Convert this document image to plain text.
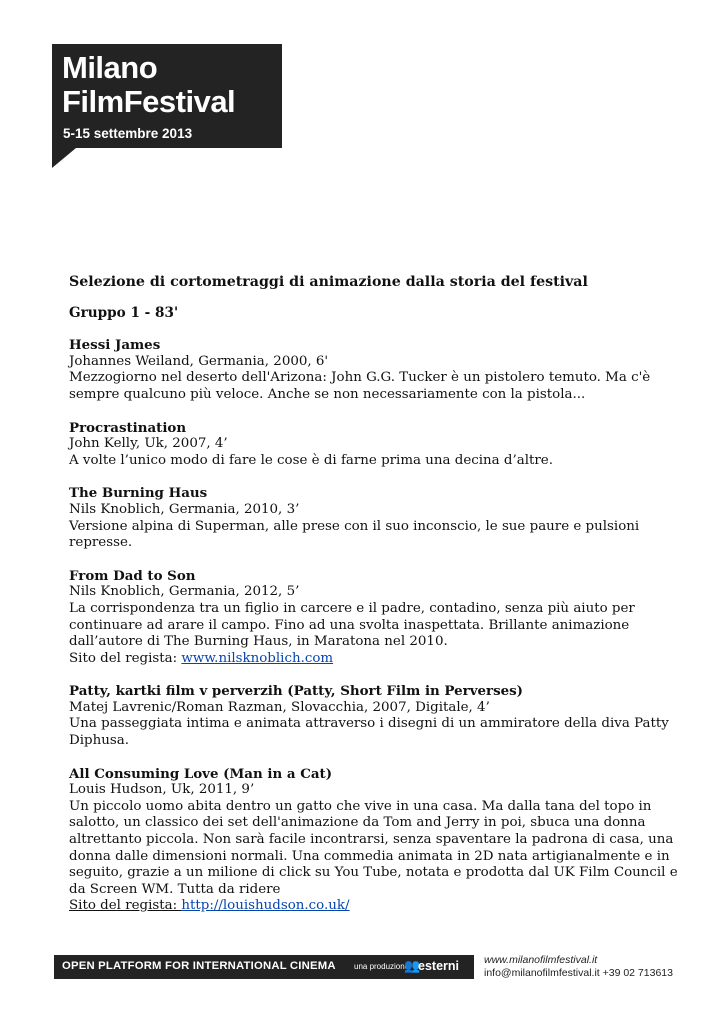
Milano
FilmFestival
5-15 settembre 2013
Selezione di cortometraggi di animazione dalla storia del festival
Gruppo 1 - 83'

Hessi James

Johannes Weiland, Germania, 2000, 6'

Mezzogiorno nel deserto dell'Arizona: John G.G. Tucker è un pistolero temuto. Ma c'è sempre qualcuno più veloce. Anche se non necessariamente con la pistola...

Procrastination

John Kelly, Uk, 2007, 4’

A volte l’unico modo di fare le cose è di farne prima una decina d’altre.

The Burning Haus

Nils Knoblich, Germania, 2010, 3’

Versione alpina di Superman, alle prese con il suo inconscio, le sue paure e pulsioni represse.

From Dad to Son

Nils Knoblich, Germania, 2012, 5’

La corrispondenza tra un figlio in carcere e il padre, contadino, senza più aiuto per continuare ad arare il campo. Fino ad una svolta inaspettata. Brillante animazione dall’autore di The Burning Haus, in Maratona nel 2010.

Sito del regista: www.nilsknoblich.com

Patty, kartki film v perverzih (Patty, Short Film in Perverses)

Matej Lavrenic/Roman Razman, Slovacchia, 2007, Digitale, 4’

Una passeggiata intima e animata attraverso i disegni di un ammiratore della diva Patty Diphusa.

All Consuming Love (Man in a Cat)

Louis Hudson, Uk, 2011, 9’

Un piccolo uomo abita dentro un gatto che vive in una casa. Ma dalla tana del topo in salotto, un classico dei set dell'animazione da Tom and Jerry in poi, sbuca una donna altrettanto piccola. Non sarà facile incontrarsi, senza spaventare la padrona di casa, una donna dalle dimensioni normali. Una commedia animata in 2D nata artigianalmente e in seguito, grazie a un milione di click su You Tube, notata e prodotta dal UK Film Council e da Screen WM. Tutta da ridere

Sito del regista: http://louishudson.co.uk/

OPEN PLATFORM FOR INTERNATIONAL CINEMA una produzione
👥
esterni www.milanofilmfestival.it
info@milanofilmfestival.it +39 02 713613
